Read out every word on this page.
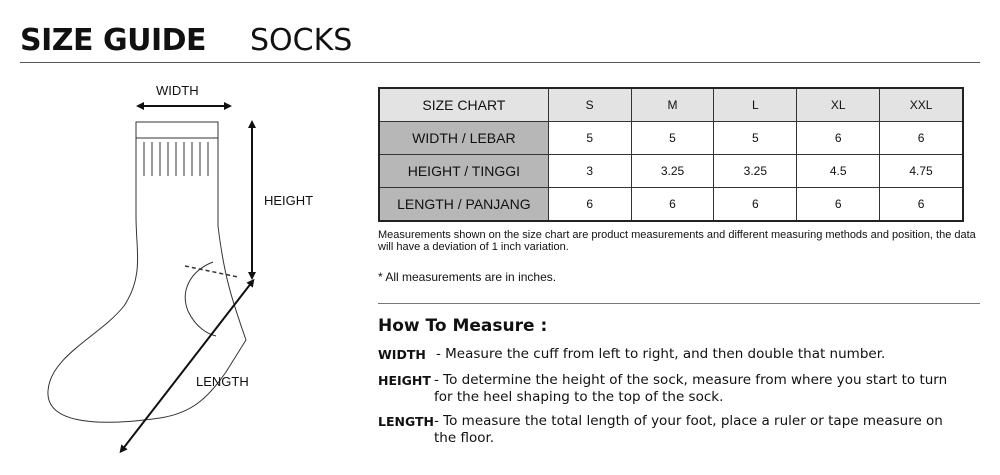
SIZE GUIDE SOCKS
WIDTH
HEIGHT
LENGTH
SIZE CHART	S	M	L	XL	XXL
WIDTH / LEBAR	5	5	5	6	6
HEIGHT / TINGGI	3	3.25	3.25	4.5	4.75
LENGTH / PANJANG	6	6	6	6	6
Measurements shown on the size chart are product measurements and different measuring methods and position, the data will have a deviation of 1 inch variation.
* All measurements are in inches.
How To Measure :
WIDTH - Measure the cuff from left to right, and then double that number.
HEIGHT - To determine the height of the sock, measure from where you start to turn for the heel shaping to the top of the sock.
LENGTH - To measure the total length of your foot, place a ruler or tape measure on the floor.
